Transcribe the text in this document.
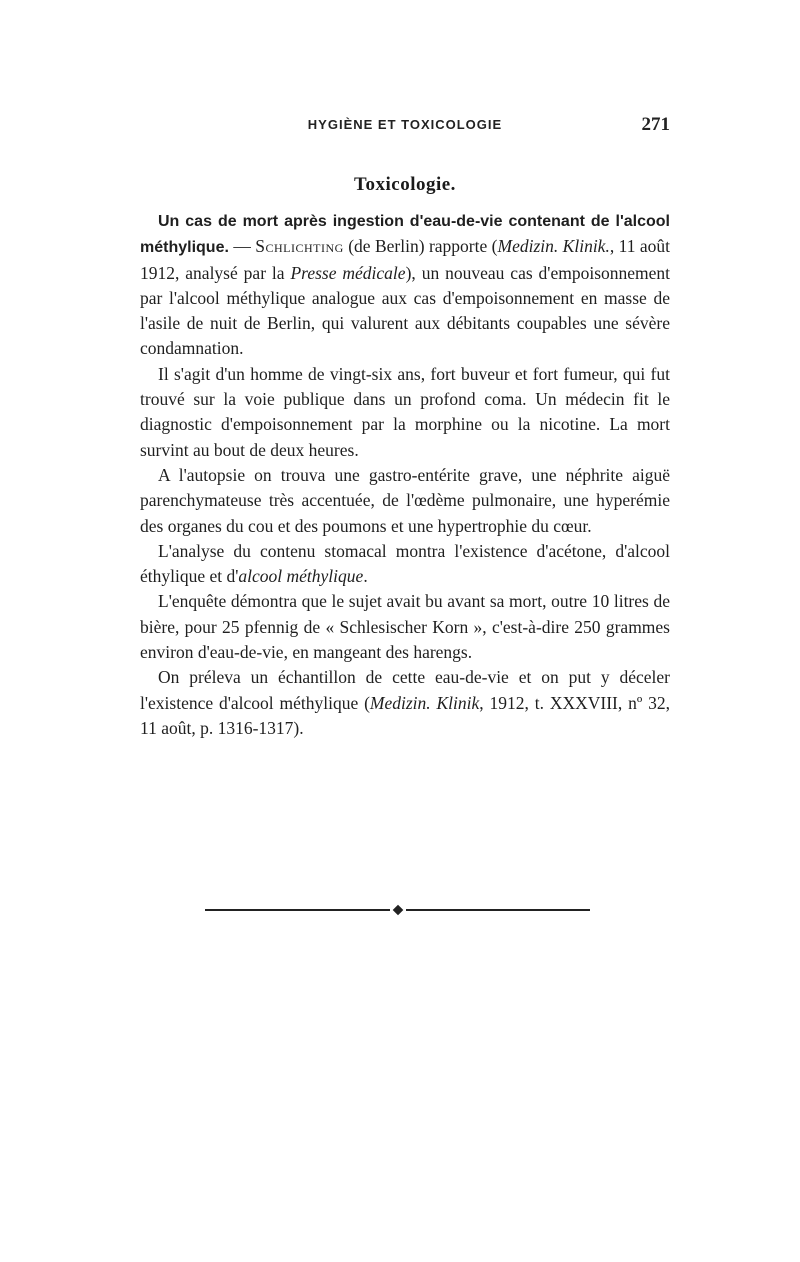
HYGIÈNE ET TOXICOLOGIE	271
Toxicologie.

Un cas de mort après ingestion d'eau-de-vie contenant de l'alcool méthylique. — Schlichting (de Berlin) rapporte (Medizin. Klinik., 11 août 1912, analysé par la Presse médicale), un nouveau cas d'empoisonnement par l'alcool méthylique analogue aux cas d'empoisonnement en masse de l'asile de nuit de Berlin, qui valurent aux débitants coupables une sévère condamnation.

Il s'agit d'un homme de vingt-six ans, fort buveur et fort fumeur, qui fut trouvé sur la voie publique dans un profond coma. Un médecin fit le diagnostic d'empoisonnement par la morphine ou la nicotine. La mort survint au bout de deux heures.

A l'autopsie on trouva une gastro-entérite grave, une néphrite aiguë parenchymateuse très accentuée, de l'œdème pulmonaire, une hyperémie des organes du cou et des poumons et une hypertrophie du cœur.

L'analyse du contenu stomacal montra l'existence d'acétone, d'alcool éthylique et d'alcool méthylique.

L'enquête démontra que le sujet avait bu avant sa mort, outre 10 litres de bière, pour 25 pfennig de « Schlesischer Korn », c'est-à-dire 250 grammes environ d'eau-de-vie, en mangeant des harengs.

On préleva un échantillon de cette eau-de-vie et on put y déceler l'existence d'alcool méthylique (Medizin. Klinik, 1912, t. XXXVIII, nº 32, 11 août, p. 1316-1317).
